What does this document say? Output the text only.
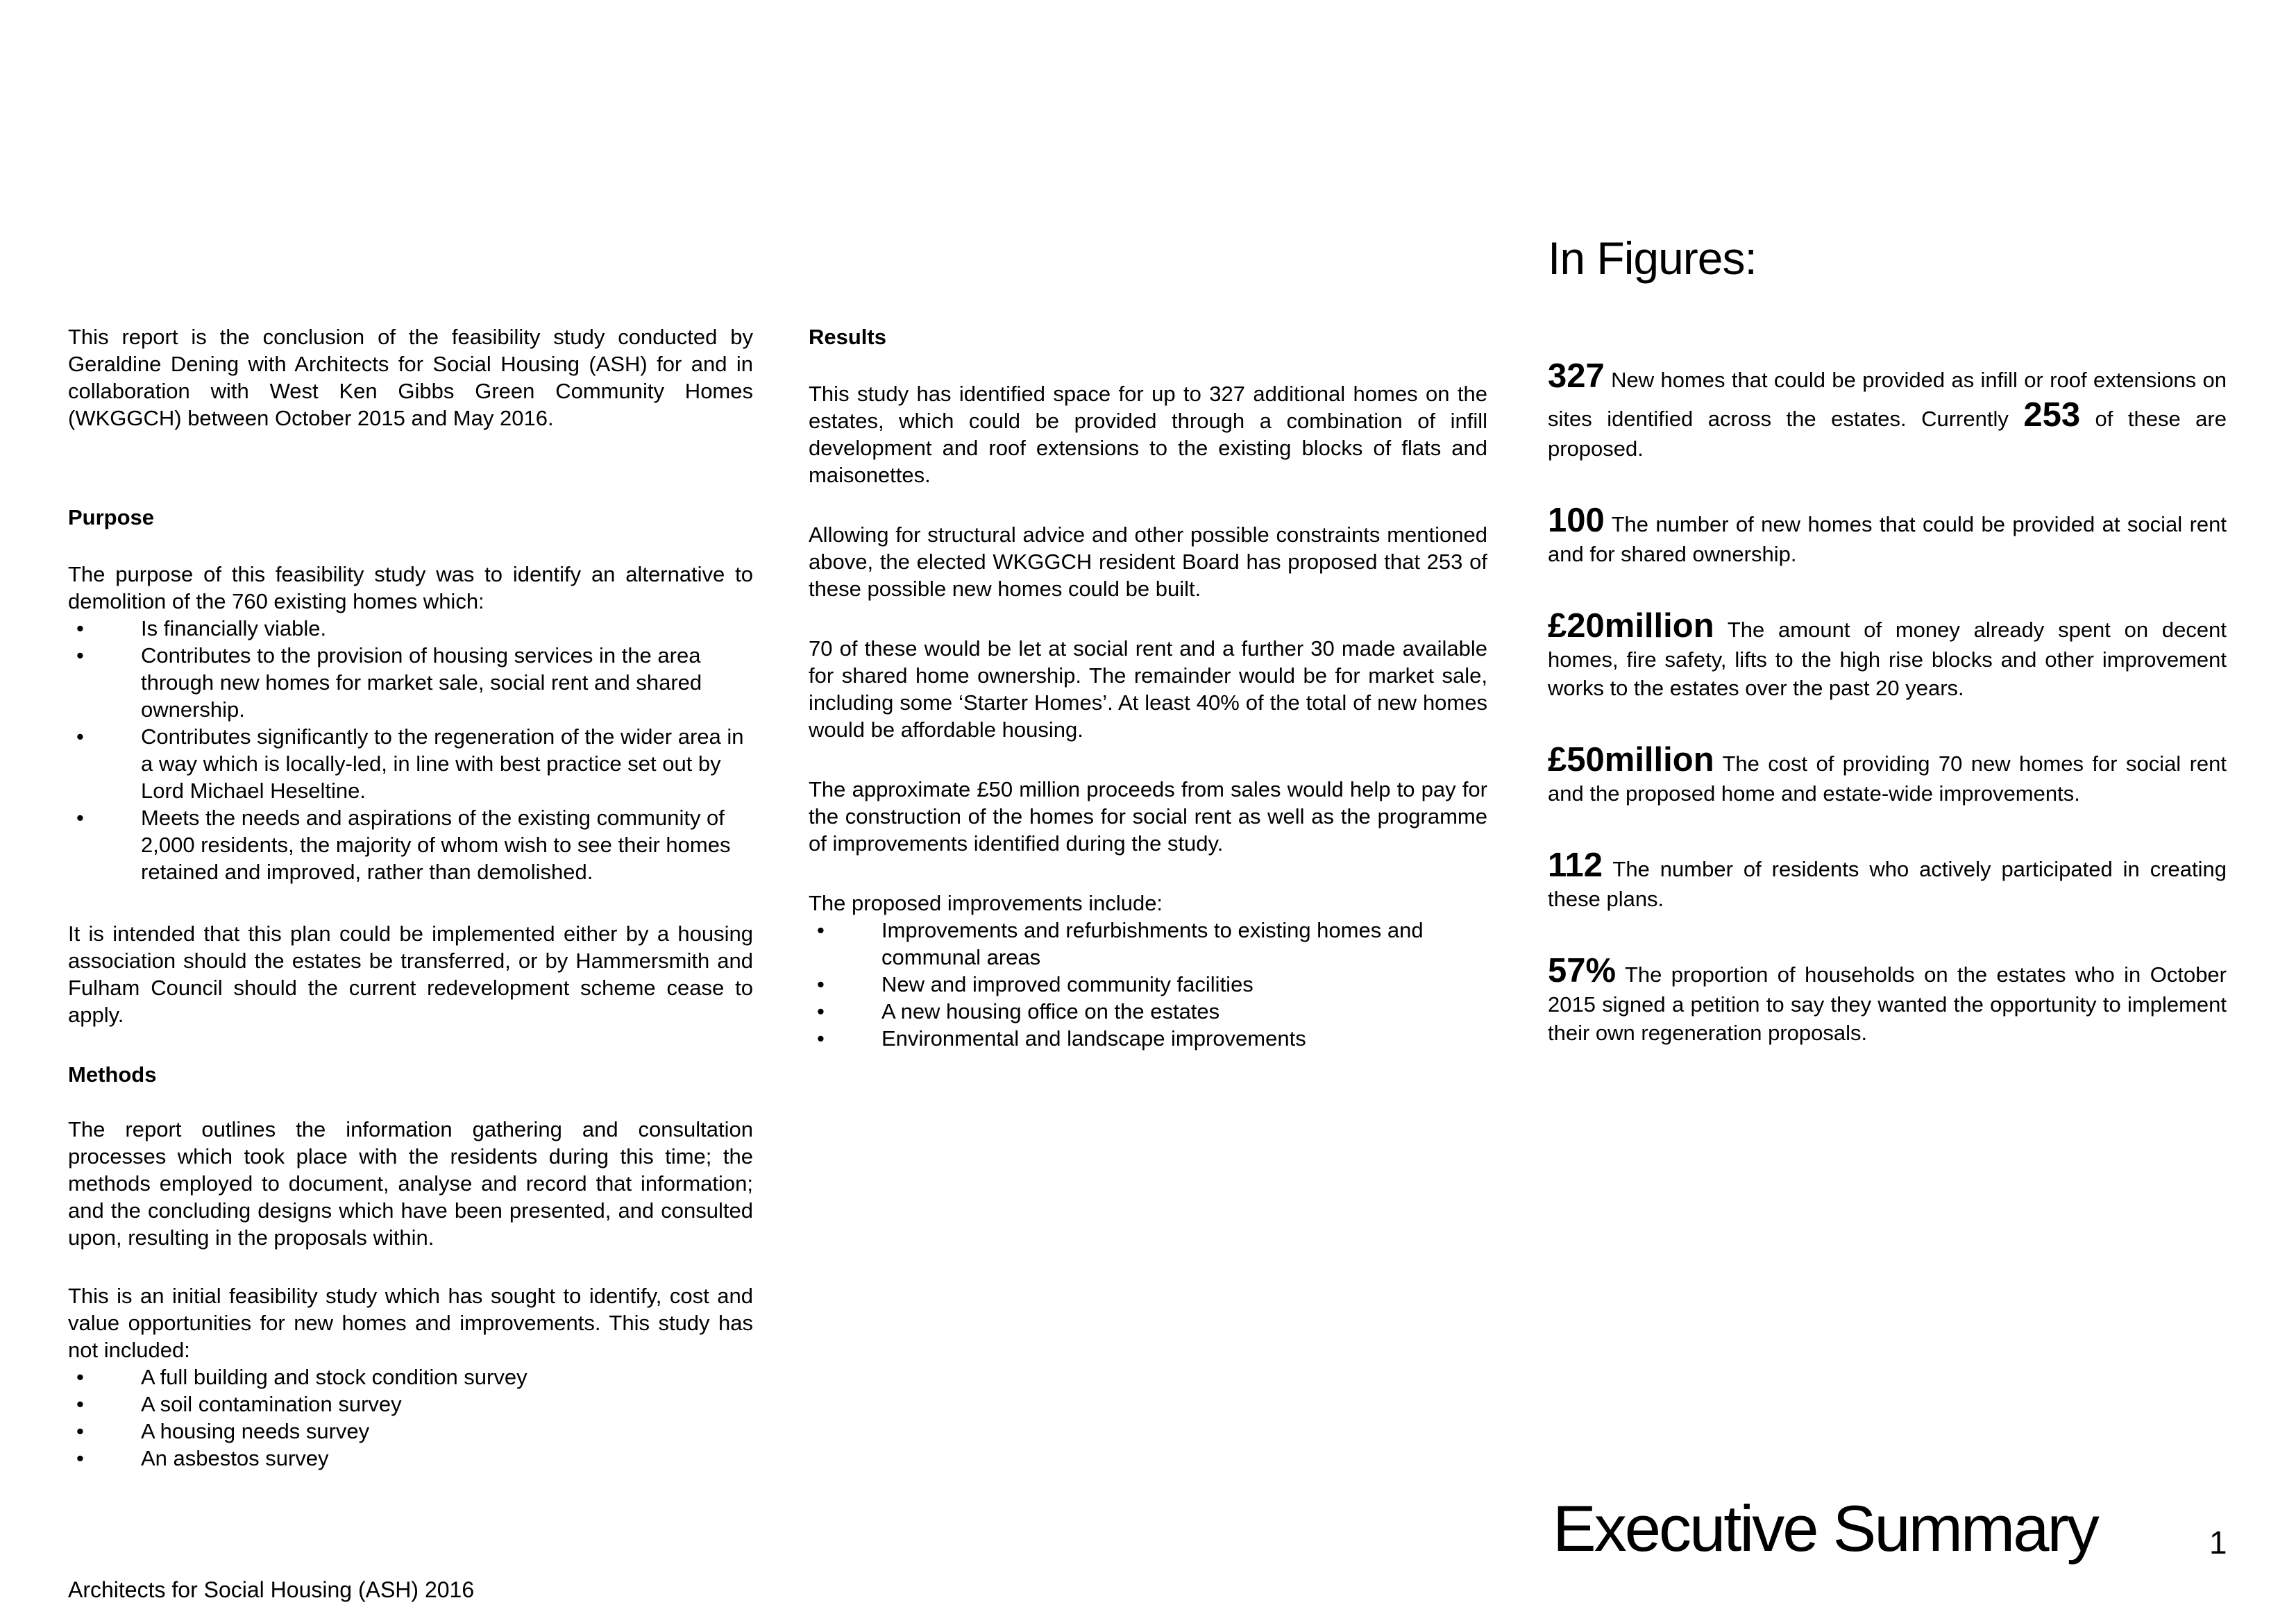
This report is the conclusion of the feasibility study conducted by Geraldine Dening with Architects for Social Housing (ASH) for and in collaboration with West Ken Gibbs Green Community Homes (WKGGCH) between October 2015 and May 2016.

Purpose

The purpose of this feasibility study was to identify an alternative to demolition of the 760 existing homes which:

• Is financially viable.
• Contributes to the provision of housing services in the area through new homes for market sale, social rent and shared ownership.
• Contributes significantly to the regeneration of the wider area in a way which is locally-led, in line with best practice set out by Lord Michael Heseltine.
• Meets the needs and aspirations of the existing community of 2,000 residents, the majority of whom wish to see their homes retained and improved, rather than demolished.

It is intended that this plan could be implemented either by a housing association should the estates be transferred, or by Hammersmith and Fulham Council should the current redevelopment scheme cease to apply.

Methods

The report outlines the information gathering and consultation processes which took place with the residents during this time; the methods employed to document, analyse and record that information; and the concluding designs which have been presented, and consulted upon, resulting in the proposals within.

This is an initial feasibility study which has sought to identify, cost and value opportunities for new homes and improvements. This study has not included:

• A full building and stock condition survey
• A soil contamination survey
• A housing needs survey
• An asbestos survey
Results

This study has identified space for up to 327 additional homes on the estates, which could be provided through a combination of infill development and roof extensions to the existing blocks of flats and maisonettes.

Allowing for structural advice and other possible constraints mentioned above, the elected WKGGCH resident Board has proposed that 253 of these possible new homes could be built.

70 of these would be let at social rent and a further 30 made available for shared home ownership. The remainder would be for market sale, including some ‘Starter Homes’. At least 40% of the total of new homes would be affordable housing.

The approximate £50 million proceeds from sales would help to pay for the construction of the homes for social rent as well as the programme of improvements identified during the study.

The proposed improvements include:

• Improvements and refurbishments to existing homes and communal areas
• New and improved community facilities
• A new housing office on the estates
• Environmental and landscape improvements
In Figures:

327 New homes that could be provided as infill or roof extensions on sites identified across the estates. Currently 253 of these are proposed.

100 The number of new homes that could be provided at social rent and for shared ownership.

£20million The amount of money already spent on decent homes, fire safety, lifts to the high rise blocks and other improvement works to the estates over the past 20 years.

£50million The cost of providing 70 new homes for social rent and the proposed home and estate-wide improvements.

112 The number of residents who actively participated in creating these plans.

57% The proportion of households on the estates who in October 2015 signed a petition to say they wanted the opportunity to implement their own regeneration proposals.

Architects for Social Housing (ASH) 2016

Executive Summary	1
